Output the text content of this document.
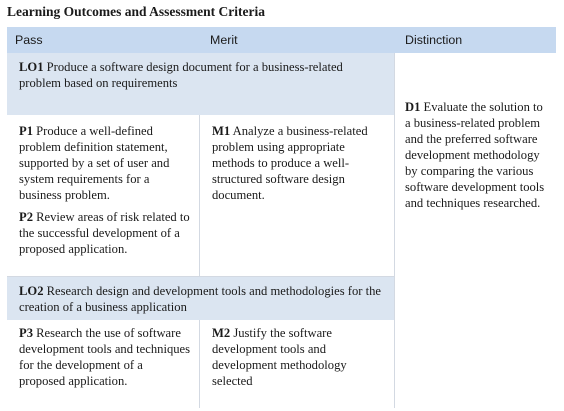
Learning Outcomes and Assessment Criteria
Pass	Merit	Distinction
LO1 Produce a software design document for a business-related problem based on requirements
P1 Produce a well-defined problem definition statement, supported by a set of user and system requirements for a business problem.
P2 Review areas of risk related to the successful development of a proposed application.
M1 Analyze a business-related problem using appropriate methods to produce a well-structured software design document.
LO2 Research design and development tools and methodologies for the creation of a business application
P3 Research the use of software development tools and techniques for the development of a proposed application.
M2 Justify the software development tools and development methodology selected
D1 Evaluate the solution to a business-related problem and the preferred software development methodology by comparing the various software development tools and techniques researched.
